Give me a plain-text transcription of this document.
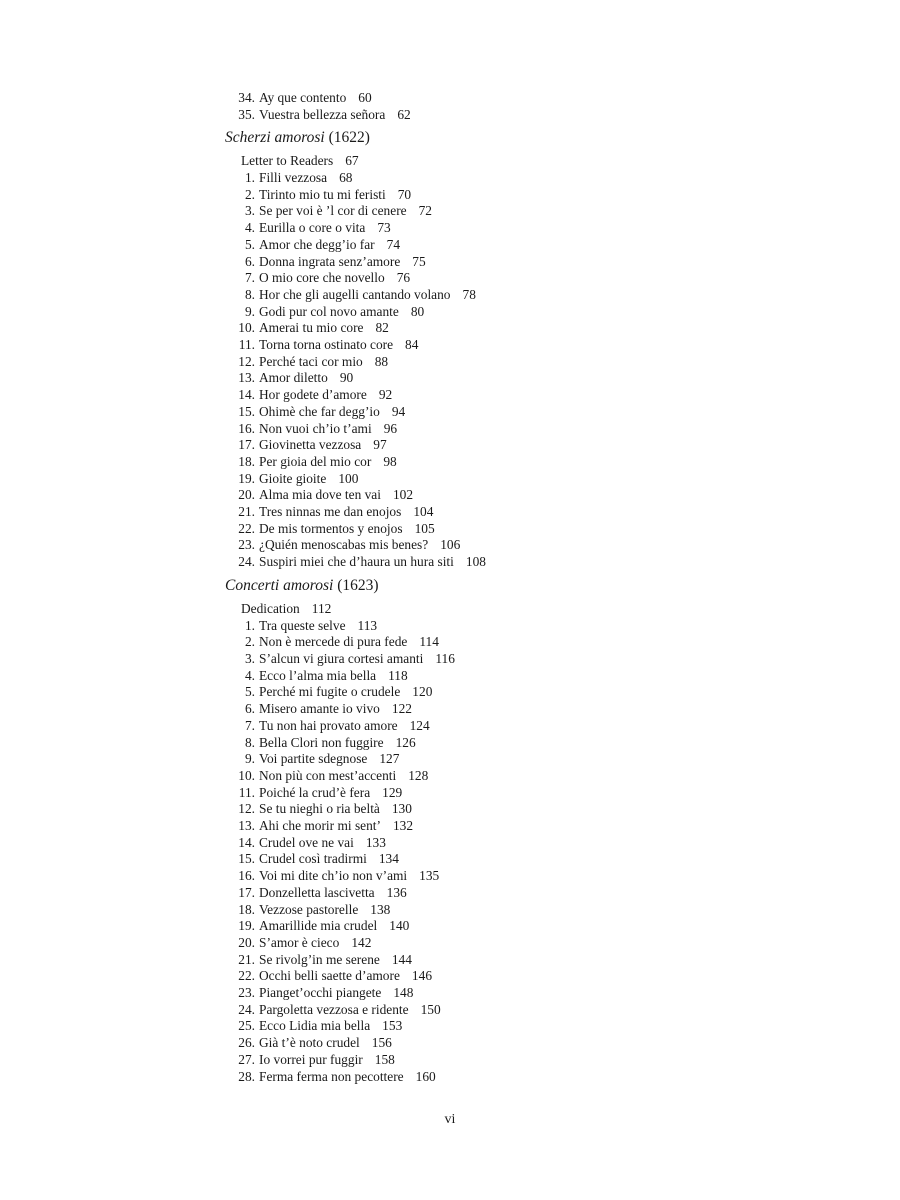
34. Ay que contento 60
35. Vuestra bellezza señora 62
Scherzi amorosi (1622)
Letter to Readers 67
1. Filli vezzosa 68
2. Tirinto mio tu mi feristi 70
3. Se per voi è ’l cor di cenere 72
4. Eurilla o core o vita 73
5. Amor che degg’io far 74
6. Donna ingrata senz’amore 75
7. O mio core che novello 76
8. Hor che gli augelli cantando volano 78
9. Godi pur col novo amante 80
10. Amerai tu mio core 82
11. Torna torna ostinato core 84
12. Perché taci cor mio 88
13. Amor diletto 90
14. Hor godete d’amore 92
15. Ohimè che far degg’io 94
16. Non vuoi ch’io t’ami 96
17. Giovinetta vezzosa 97
18. Per gioia del mio cor 98
19. Gioite gioite 100
20. Alma mia dove ten vai 102
21. Tres ninnas me dan enojos 104
22. De mis tormentos y enojos 105
23. ¿Quién menoscabas mis benes? 106
24. Suspiri miei che d’haura un hura siti 108
Concerti amorosi (1623)
Dedication 112
1. Tra queste selve 113
2. Non è mercede di pura fede 114
3. S’alcun vi giura cortesi amanti 116
4. Ecco l’alma mia bella 118
5. Perché mi fugite o crudele 120
6. Misero amante io vivo 122
7. Tu non hai provato amore 124
8. Bella Clori non fuggire 126
9. Voi partite sdegnose 127
10. Non più con mest’accenti 128
11. Poiché la crud’è fera 129
12. Se tu nieghi o ria beltà 130
13. Ahi che morir mi sent’ 132
14. Crudel ove ne vai 133
15. Crudel così tradirmi 134
16. Voi mi dite ch’io non v’ami 135
17. Donzelletta lascivetta 136
18. Vezzose pastorelle 138
19. Amarillide mia crudel 140
20. S’amor è cieco 142
21. Se rivolg’in me serene 144
22. Occhi belli saette d’amore 146
23. Pianget’occhi piangete 148
24. Pargoletta vezzosa e ridente 150
25. Ecco Lidia mia bella 153
26. Già t’è noto crudel 156
27. Io vorrei pur fuggir 158
28. Ferma ferma non pecottere 160
vi
